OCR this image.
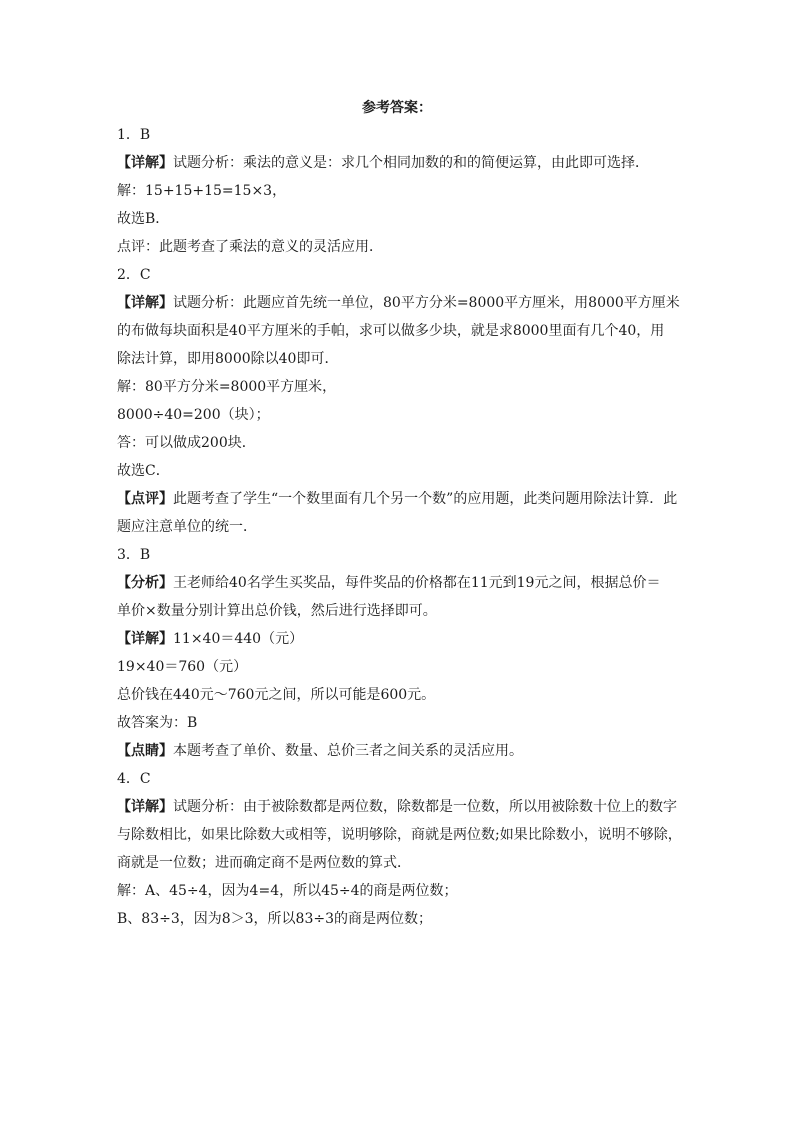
参考答案：

1．B

【详解】试题分析：乘法的意义是：求几个相同加数的和的简便运算，由此即可选择．

解：15+15+15=15×3，

故选B．

点评：此题考查了乘法的意义的灵活应用．

2．C

【详解】试题分析：此题应首先统一单位，80平方分米=8000平方厘米，用8000平方厘米

的布做每块面积是40平方厘米的手帕，求可以做多少块，就是求8000里面有几个40，用

除法计算，即用8000除以40即可．

解：80平方分米=8000平方厘米，

8000÷40=200（块）；

答：可以做成200块．

故选C．

【点评】此题考查了学生“一个数里面有几个另一个数”的应用题，此类问题用除法计算．此

题应注意单位的统一．

3．B

【分析】王老师给40名学生买奖品，每件奖品的价格都在11元到19元之间，根据总价＝

单价×数量分别计算出总价钱，然后进行选择即可。

【详解】11×40＝440（元）

19×40＝760（元）

总价钱在440元～760元之间，所以可能是600元。

故答案为：B

【点睛】本题考查了单价、数量、总价三者之间关系的灵活应用。

4．C

【详解】试题分析：由于被除数都是两位数，除数都是一位数，所以用被除数十位上的数字

与除数相比，如果比除数大或相等，说明够除，商就是两位数;如果比除数小，说明不够除，

商就是一位数；进而确定商不是两位数的算式．

解：A、45÷4，因为4=4，所以45÷4的商是两位数；

B、83÷3，因为8＞3，所以83÷3的商是两位数；
